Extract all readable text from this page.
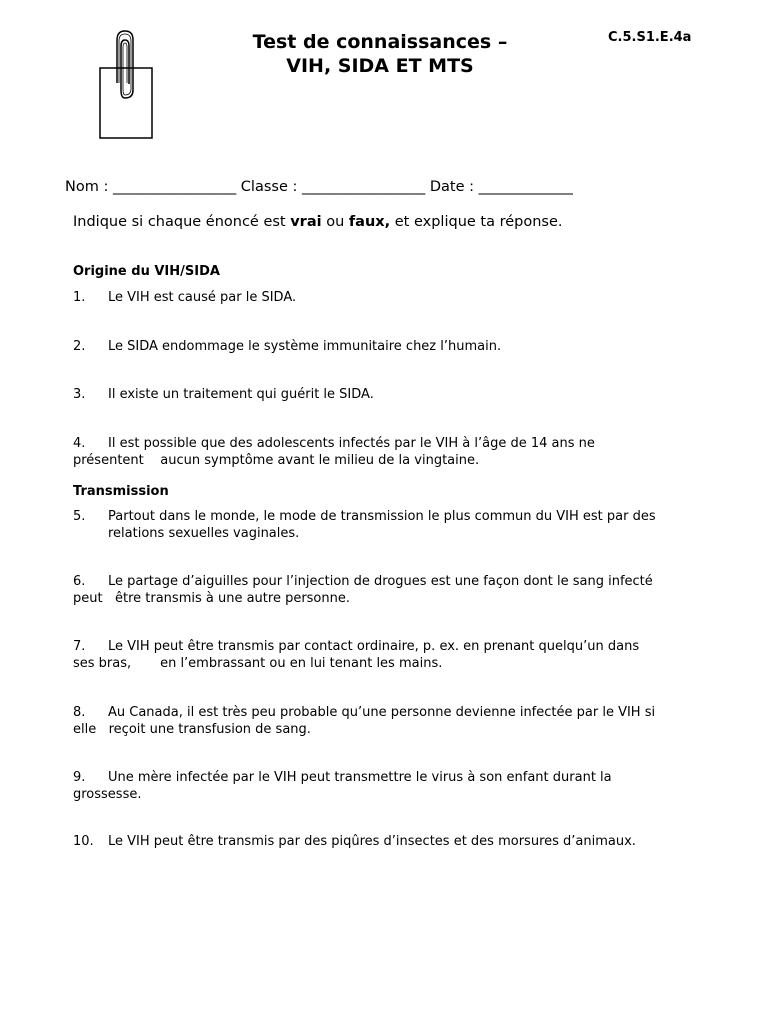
Test de connaissances –
VIH, SIDA ET MTS
C.5.S1.E.4a
Nom : _________________ Classe : _________________ Date : _____________
Indique si chaque énoncé est vrai ou faux, et explique ta réponse.
Origine du VIH/SIDA
1. Le VIH est causé par le SIDA.
2. Le SIDA endommage le système immunitaire chez l’humain.
3. Il existe un traitement qui guérit le SIDA.
4. Il est possible que des adolescents infectés par le VIH à l’âge de 14 ans ne
présentent    aucun symptôme avant le milieu de la vingtaine.
Transmission
5.	Partout dans le monde, le mode de transmission le plus commun du VIH est par des relations sexuelles vaginales.
6. Le partage d’aiguilles pour l’injection de drogues est une façon dont le sang infecté
peut   être transmis à une autre personne.
7. Le VIH peut être transmis par contact ordinaire, p. ex. en prenant quelqu’un dans
ses bras,       en l’embrassant ou en lui tenant les mains.
8. Au Canada, il est très peu probable qu’une personne devienne infectée par le VIH si
elle   reçoit une transfusion de sang.
9. Une mère infectée par le VIH peut transmettre le virus à son enfant durant la
grossesse.
10. Le VIH peut être transmis par des piqûres d’insectes et des morsures d’animaux.
